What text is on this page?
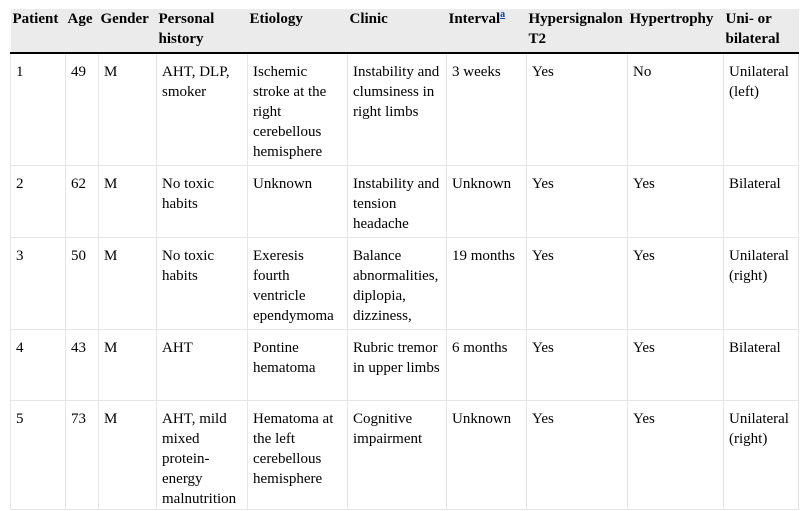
Patient	Age	Gender	Personal history	Etiology	Clinic	Interval$^a$	Hypersignalon T2	Hypertrophy	Uni- or bilateral
1	49	M	AHT, DLP, smoker	Ischemic stroke at the right cerebellous hemisphere	Instability and clumsiness in right limbs	3 weeks	Yes	No	Unilateral (left)
2	62	M	No toxic habits	Unknown	Instability and tension headache	Unknown	Yes	Yes	Bilateral
3	50	M	No toxic habits	Exeresis fourth ventricle ependymoma	Balance abnormalities, diplopia, dizziness,	19 months	Yes	Yes	Unilateral (right)
4	43	M	AHT	Pontine hematoma	Rubric tremor in upper limbs	6 months	Yes	Yes	Bilateral
5	73	M	AHT, mild mixed protein-energy malnutrition	Hematoma at the left cerebellous hemisphere	Cognitive impairment	Unknown	Yes	Yes	Unilateral (right)
